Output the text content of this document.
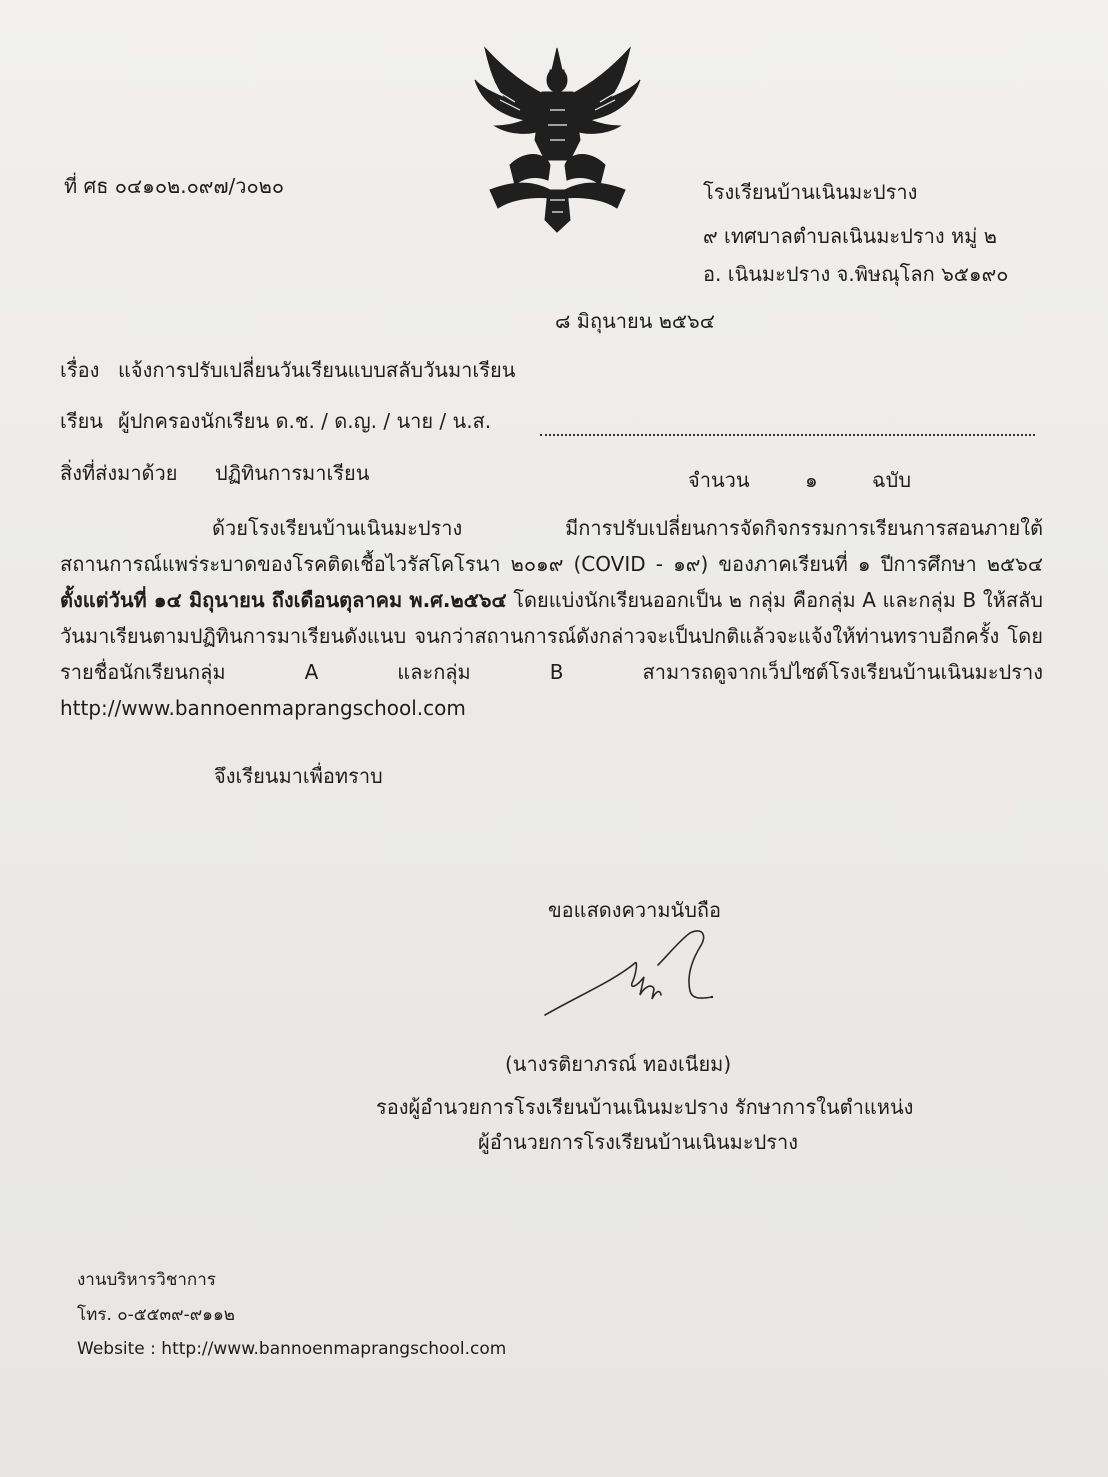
ที่ ศธ ๐๔๑๐๒.๐๙๗/ว๐๒๐	โรงเรียนบ้านเนินมะปราง
๙ เทศบาลตำบลเนินมะปราง หมู่ ๒
อ. เนินมะปราง จ.พิษณุโลก ๖๕๑๙๐
๘ มิถุนายน ๒๕๖๔
เรื่อง แจ้งการปรับเปลี่ยนวันเรียนแบบสลับวันมาเรียน
เรียน ผู้ปกครองนักเรียน ด.ช. / ด.ญ. / นาย / น.ส.
สิ่งที่ส่งมาด้วย ปฏิทินการมาเรียน	จำนวน	๑	ฉบับ
ด้วยโรงเรียนบ้านเนินมะปราง มีการปรับเปลี่ยนการจัดกิจกรรมการเรียนการสอนภายใต้สถานการณ์แพร่ระบาดของโรคติดเชื้อไวรัสโคโรนา ๒๐๑๙ (COVID - ๑๙) ของภาคเรียนที่ ๑ ปีการศึกษา ๒๕๖๔ ตั้งแต่วันที่ ๑๔ มิถุนายน ถึงเดือนตุลาคม พ.ศ.๒๕๖๔ โดยแบ่งนักเรียนออกเป็น ๒ กลุ่ม คือกลุ่ม A และกลุ่ม B ให้สลับวันมาเรียนตามปฏิทินการมาเรียนดังแนบ จนกว่าสถานการณ์ดังกล่าวจะเป็นปกติแล้วจะแจ้งให้ท่านทราบอีกครั้ง โดยรายชื่อนักเรียนกลุ่ม A และกลุ่ม B สามารถดูจากเว็ปไซต์โรงเรียนบ้านเนินมะปราง http://www.bannoenmaprangschool.com
จึงเรียนมาเพื่อทราบ
ขอแสดงความนับถือ
(นางรติยาภรณ์ ทองเนียม)
รองผู้อำนวยการโรงเรียนบ้านเนินมะปราง รักษาการในตำแหน่ง
ผู้อำนวยการโรงเรียนบ้านเนินมะปราง
งานบริหารวิชาการ
โทร. ๐-๕๕๓๙-๙๑๑๒
Website : http://www.bannoenmaprangschool.com
